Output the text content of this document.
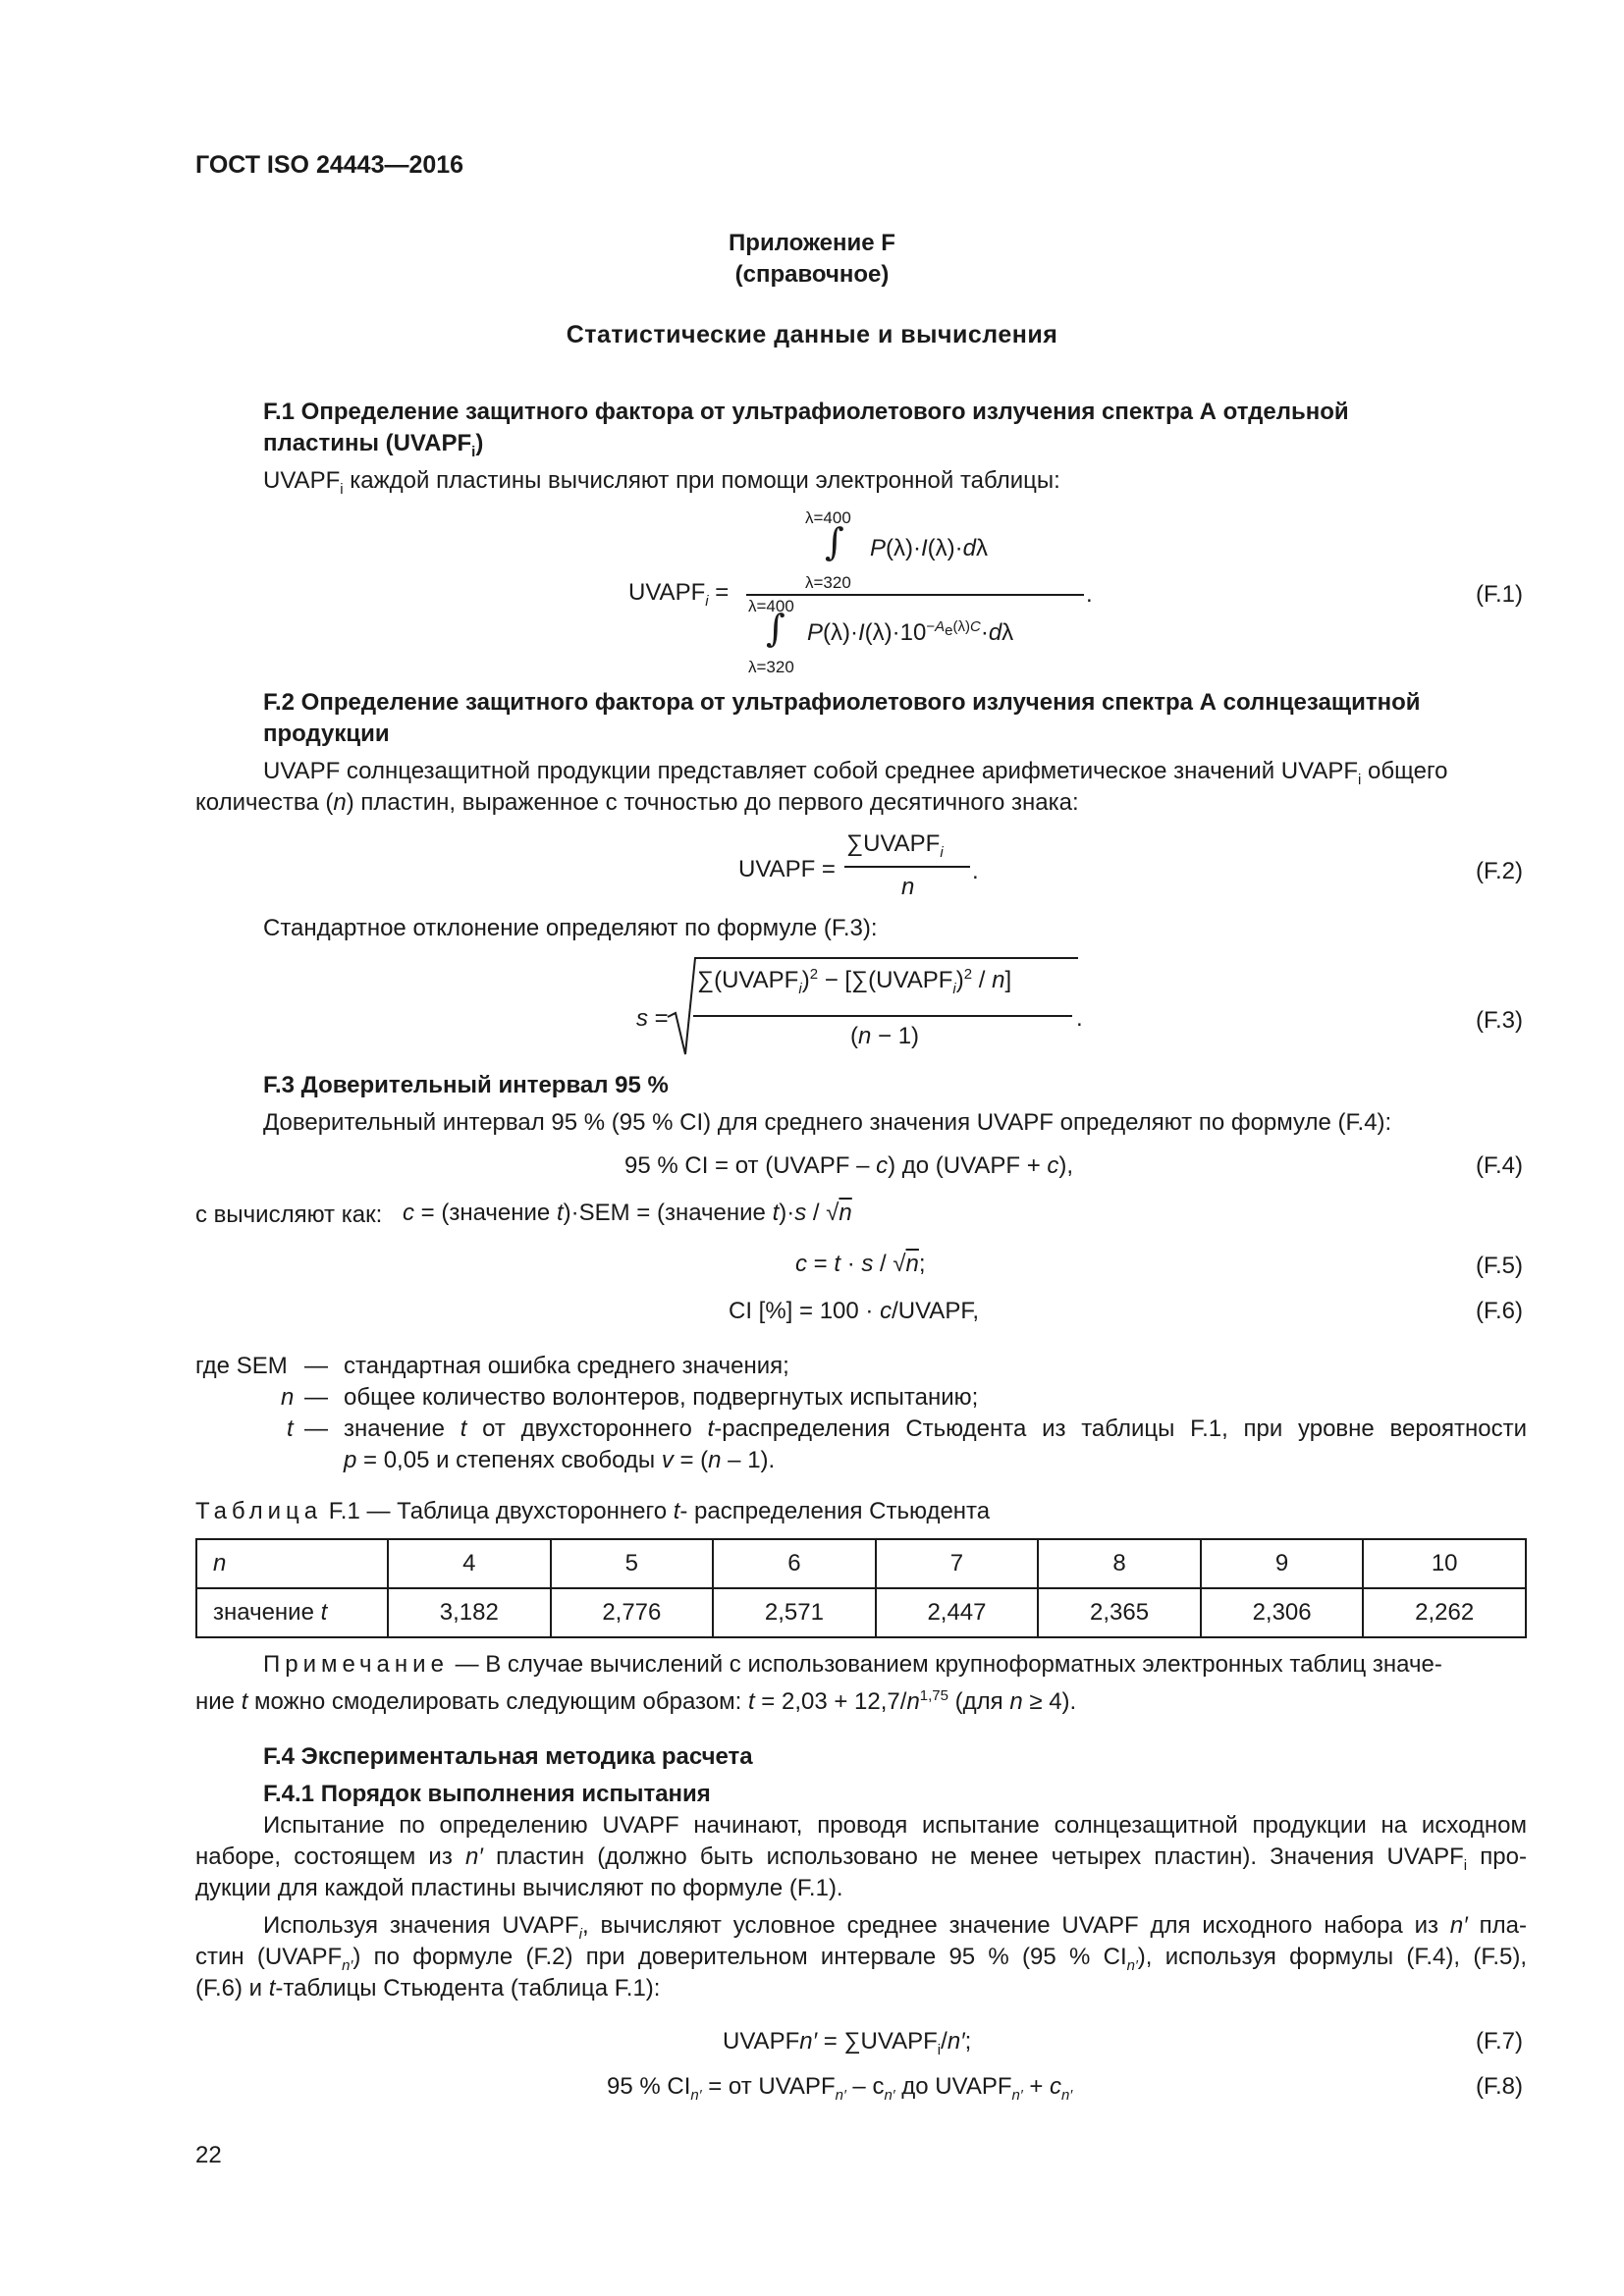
ГОСТ ISO 24443—2016
Приложение F
(справочное)
Статистические данные и вычисления
F.1 Определение защитного фактора от ультрафиолетового излучения спектра А отдельной
пластины $(UVAPF_i)$
$UVAPF_i$ каждой пластины вычисляют при помощи электронной таблицы:
$UVAPF_i$ =
λ=400
∫ P(λ)·I(λ)·dλ
λ=320
λ=400
∫ $P(\lambda)\cdot I(\lambda)\cdot 10^{-A_e(\lambda)C}\cdot d\lambda$
λ=320
.	(F.1)
F.2 Определение защитного фактора от ультрафиолетового излучения спектра А солнцезащитной
продукции
UVAPF солнцезащитной продукции представляет собой среднее арифметическое значений $UVAPF_i$ общего
количества (n) пластин, выраженное с точностью до первого десятичного знака:
UVAPF =
$\sum UVAPF_i$
n
.	(F.2)
Стандартное отклонение определяют по формуле (F.3):
s =
$\sum(UVAPF_i)^2$ − $[\sum(UVAPF_i)^2 / n]$
(n − 1)
.	(F.3)
F.3 Доверительный интервал 95 %
Доверительный интервал 95 % (95 % CI) для среднего значения UVAPF определяют по формуле (F.4):
95 % CI = от (UVAPF – c) до (UVAPF + c),	(F.4)
с вычисляют как: c = (значение t)·SEM = (значение t)·s / √n
c = t · s / √n;	(F.5)
CI [%] = 100 · c/UVAPF,	(F.6)
где SEM — стандартная ошибка среднего значения;
n — общее количество волонтеров, подвергнутых испытанию;
t — значение t от двухстороннего t-распределения Стьюдента из таблицы F.1, при уровне вероятности
p = 0,05 и степенях свободы v = (n – 1).
Таблица F.1 — Таблица двухстороннего t- распределения Стьюдента
n	4	5	6	7	8	9	10
значение t	3,182	2,776	2,571	2,447	2,365	2,306	2,262
Примечание — В случае вычислений с использованием крупноформатных электронных таблиц значе-
ние t можно смоделировать следующим образом: $t = 2,03 + 12,7/n^{1,75}$ (для n ≥ 4).
F.4 Экспериментальная методика расчета
F.4.1 Порядок выполнения испытания
Испытание по определению UVAPF начинают, проводя испытание солнцезащитной продукции на исходном
наборе, состоящем из n′ пластин (должно быть использовано не менее четырех пластин). Значения $UVAPF_i$ про-
дукции для каждой пластины вычисляют по формуле (F.1).
Используя значения $UVAPF_i$, вычисляют условное среднее значение UVAPF для исходного набора из n′ пла-
стин $(UVAPF_{n'})$ по формуле (F.2) при доверительном интервале 95 % (95 % $CI_{n'}$), используя формулы (F.4), (F.5),
(F.6) и t-таблицы Стьюдента (таблица F.1):
UVAPFn′ = $\sum UVAPF_i/n'$;	(F.7)
95 % $CI_{n'}$ = от $UVAPF_{n'} - c_{n'}$ до $UVAPF_{n'} + c_{n'}$	(F.8)
22
